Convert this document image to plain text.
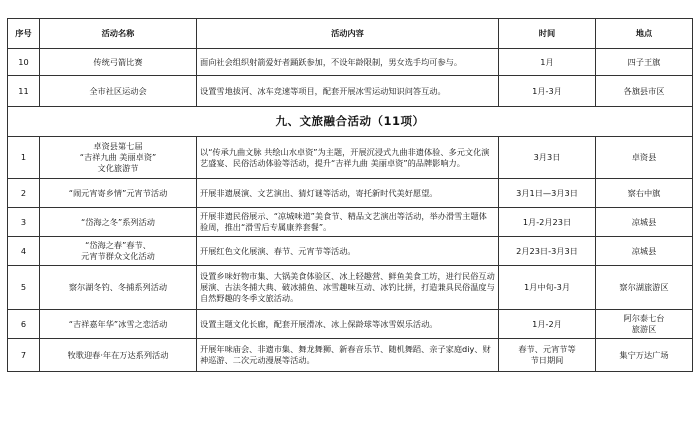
序号	活动名称	活动内容	时间	地点
10	传统弓箭比赛	面向社会组织射箭爱好者踊跃参加，不设年龄限制，男女选手均可参与。	1月	四子王旗

11	全市社区运动会	设置雪地拔河、冰车竞速等项目，配套开展冰雪运动知识问答互动。	1月-3月	各旗县市区

九、文旅融合活动（11项）				
1	卓资县第七届
“吉祥九曲 美丽卓资”
文化旅游节	以“传承九曲文脉 共绘山水卓资”为主题，开展沉浸式九曲非遗体验、多元文化演艺盛宴、民俗活动体验等活动，提升“吉祥九曲 美丽卓资”的品牌影响力。	3月3日	卓资县

2	“闹元宵寄乡情”元宵节活动	开展非遗展演、文艺演出、猜灯谜等活动，寄托新时代美好愿望。	3月1日—3月3日	察右中旗

3	“岱海之冬”系列活动	开展非遗民俗展示、“凉城味道”美食节、精品文艺演出等活动，举办滑雪主题体验周，推出“滑雪后专属康养套餐”。	1月-2月23日	凉城县

4	“岱海之春”春节、
元宵节群众文化活动	开展红色文化展演、春节、元宵节等活动。	2月23日-3月3日	凉城县

5	察尔湖冬钓、冬捕系列活动	设置乡味好物市集、大锅美食体验区、冰上轻趣营、鲜鱼美食工坊，进行民俗互动展演、古法冬捕大典、破冰捕鱼、冰雪趣味互动、冰钓比拼，打造兼具民俗温度与自然野趣的冬季文旅活动。	1月中旬-3月	察尔湖旅游区

6	“吉祥嘉年华”冰雪之恋活动	设置主题文化长廊，配套开展滑冰、冰上保龄球等冰雪娱乐活动。	1月-2月	阿尔泰七台
旅游区

7	牧歌迎春·年在万达系列活动	开展年味庙会、非遗市集、舞龙舞狮、新春音乐节、随机舞蹈、亲子家庭diy、财神巡游、二次元动漫展等活动。	春节、元宵节等
节日期间	集宁万达广场
